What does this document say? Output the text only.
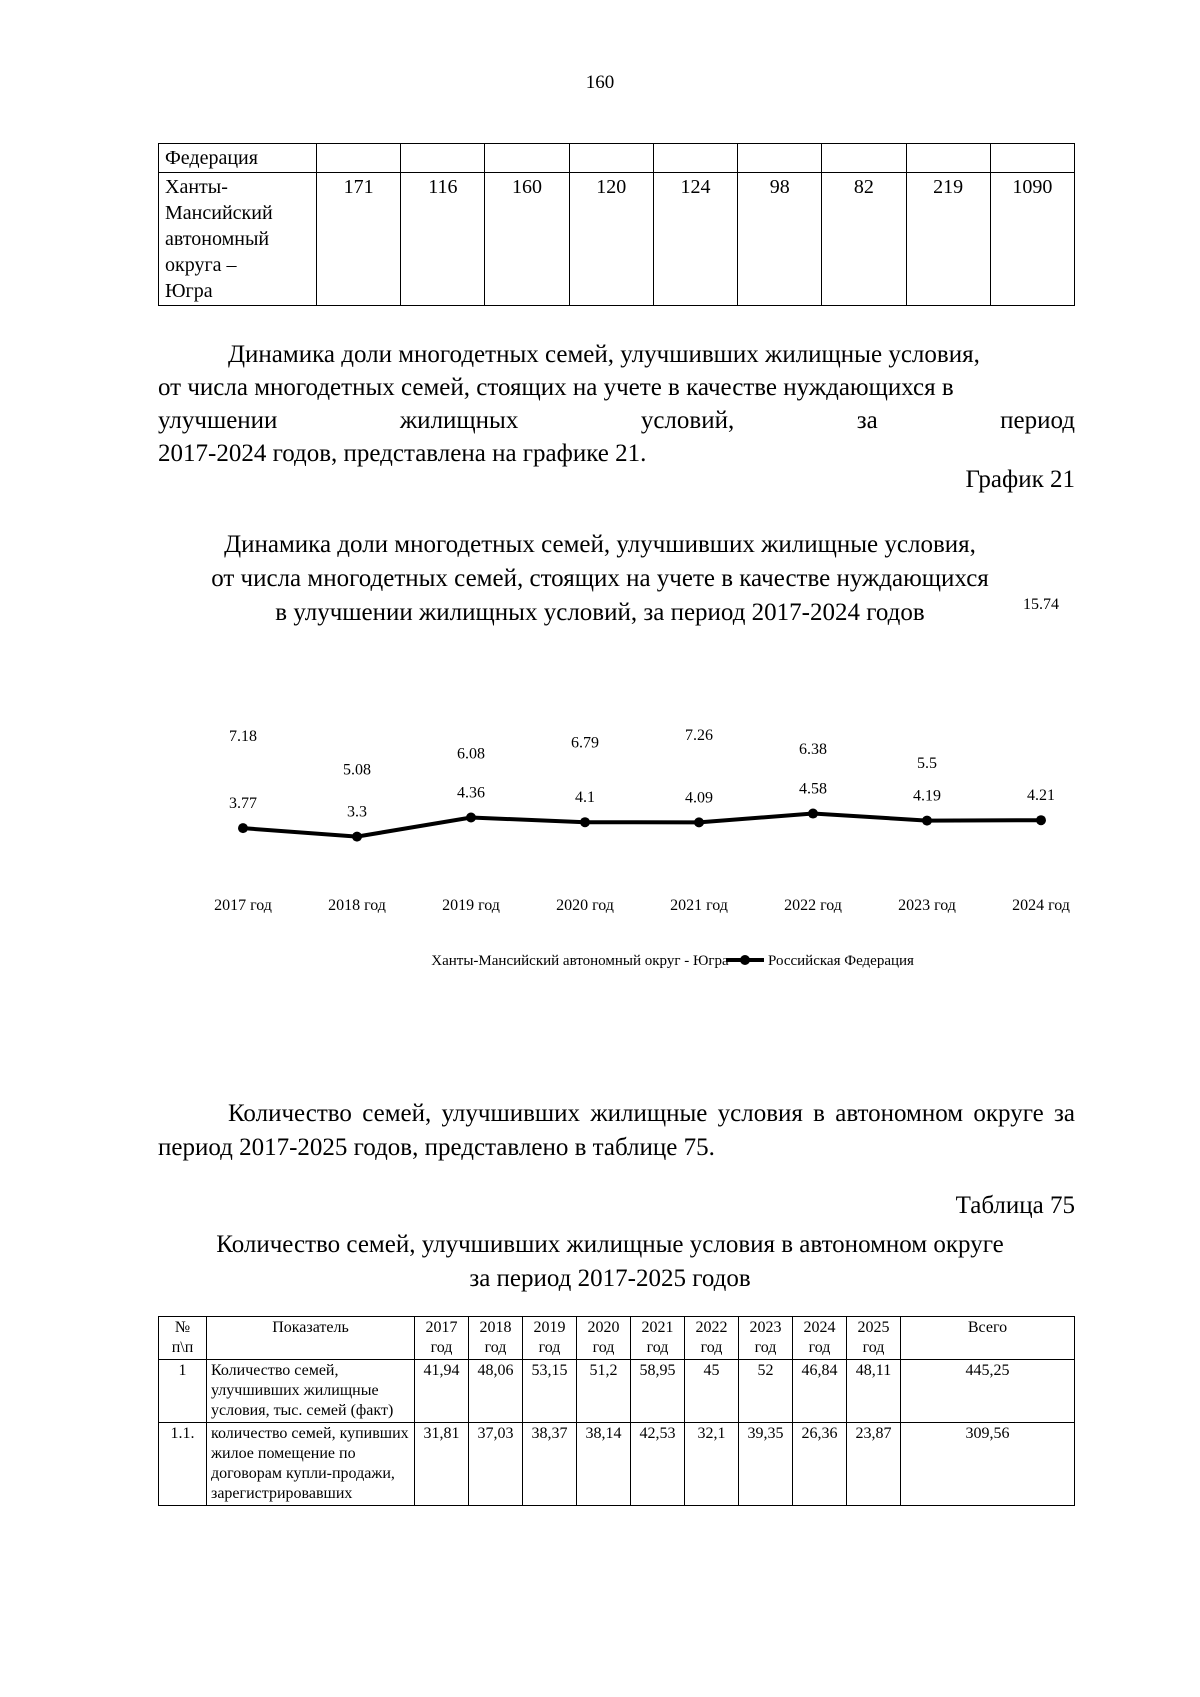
160
Федерация									

Ханты-
Мансийский
автономный
округа –
Югра	171	116	160	120	124	98	82	219	1090
Динамика доли многодетных семей, улучшивших жилищные условия,
от числа многодетных семей, стоящих на учете в качестве нуждающихся в
улучшении жилищных условий, за период
2017-2024 годов, представлена на графике 21.
График 21
Динамика доли многодетных семей, улучшивших жилищные условия,
от числа многодетных семей, стоящих на учете в качестве нуждающихся
в улучшении жилищных условий, за период 2017-2024 годов
3.77	3.3
4.36	4.1	4.09
4.58	4.19	4.21
7.18
5.08
6.08
6.79	7.26
6.38
5.5
15.74
2017 год	2018 год	2019 год	2020 год	2021 год	2022 год	2023 год	2024 год
Ханты-Мансийский автономный округ - Югра	Российская Федерация
Количество семей, улучшивших жилищные условия в автономном округе за период 2017-2025 годов, представлено в таблице 75.
Таблица 75
Количество семей, улучшивших жилищные условия в автономном округе
за период 2017-2025 годов
№ п\п	Показатель	2017 год	2018 год	2019 год	2020 год	2021 год	2022 год	2023 год	2024 год	2025 год	Всего
1	Количество семей, улучшивших жилищные условия, тыс. семей (факт)	41,94	48,06	53,15	51,2	58,95	45	52	46,84	48,11	445,25
1.1.	количество семей, купивших жилое помещение по договорам купли-продажи, зарегистрировавших	31,81	37,03	38,37	38,14	42,53	32,1	39,35	26,36	23,87	309,56
